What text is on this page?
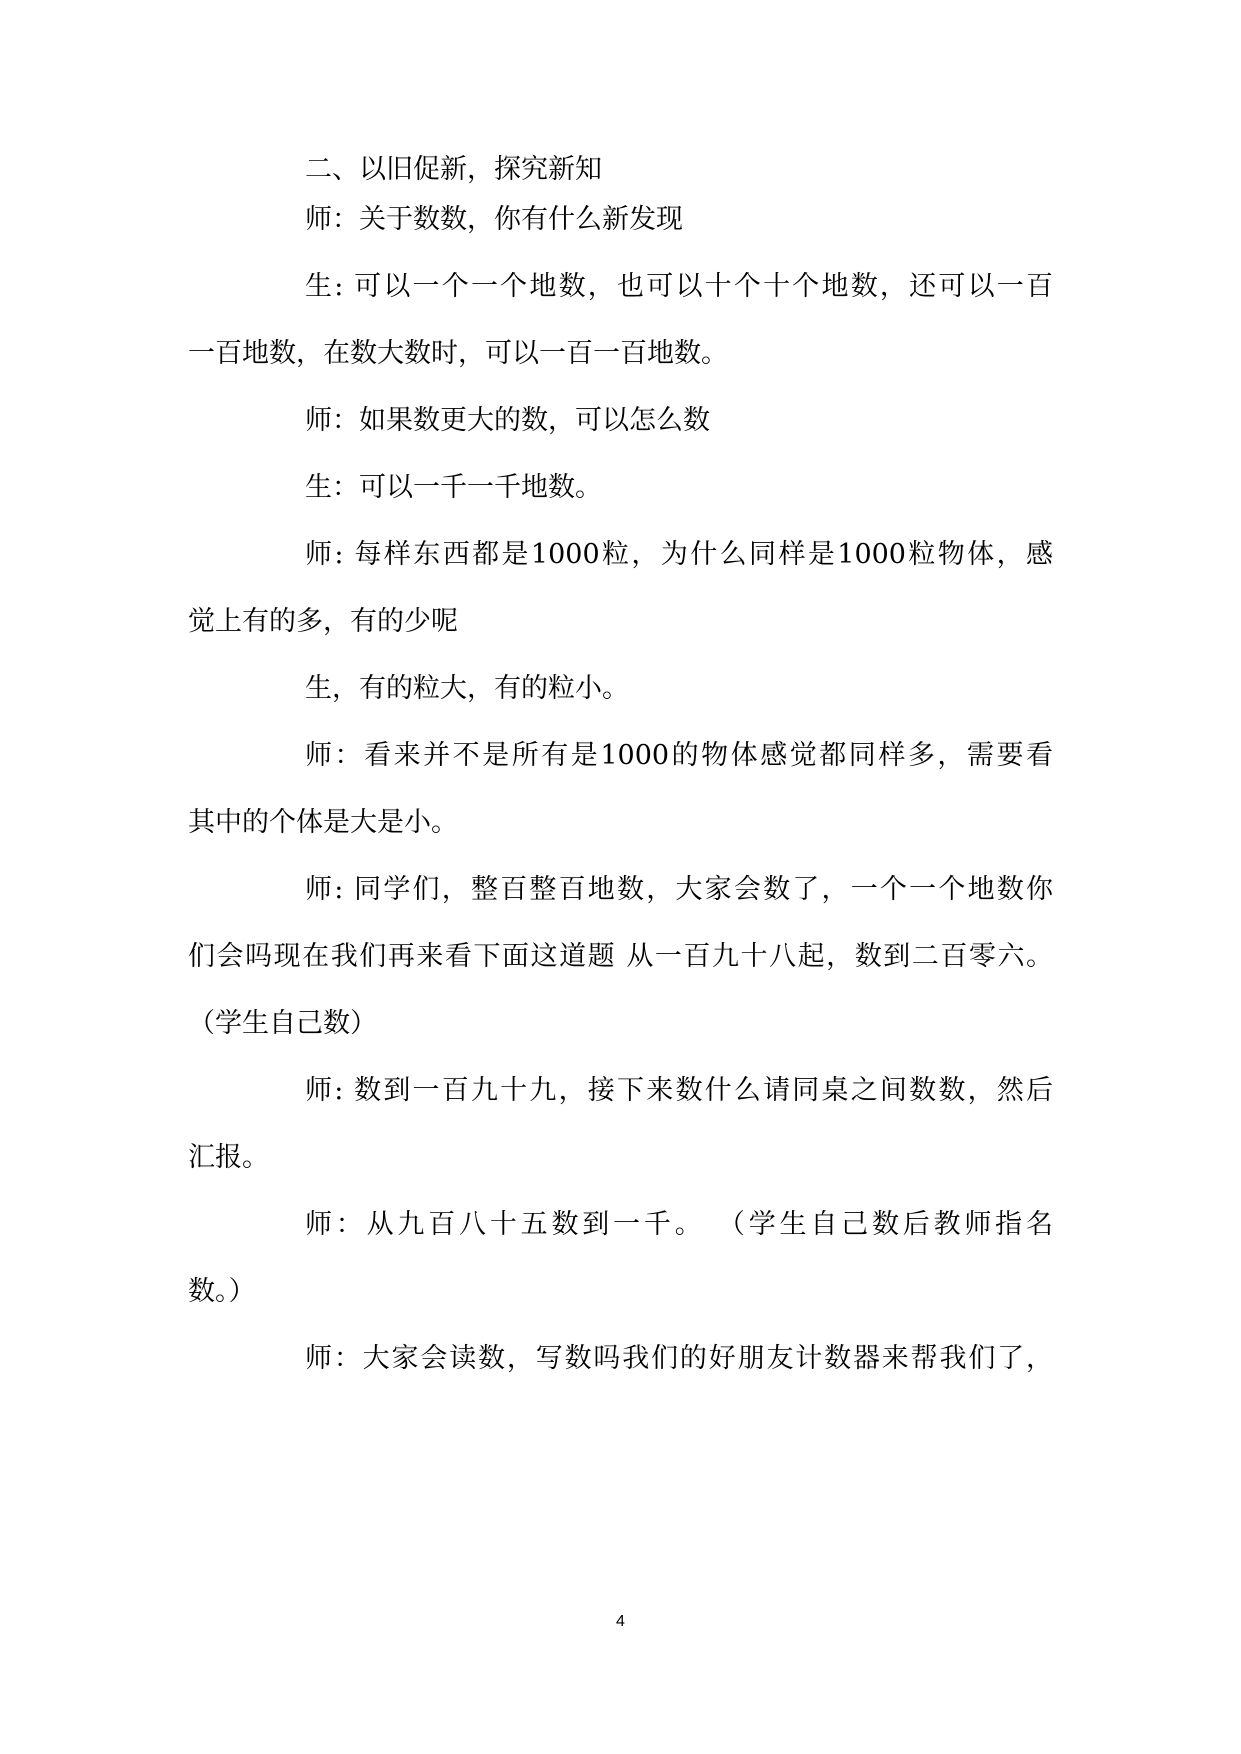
二、以旧促新，探究新知
师：关于数数，你有什么新发现
生: 可以一个一个地数，也可以十个十个地数，还可以一百
一百地数，在数大数时，可以一百一百地数。
师：如果数更大的数，可以怎么数
生：可以一千一千地数。
师: 每样东西都是1000粒，为什么同样是1000粒物体，感
觉上有的多，有的少呢
生，有的粒大，有的粒小。
师：看来并不是所有是1000的物体感觉都同样多，需要看
其中的个体是大是小。
师: 同学们，整百整百地数，大家会数了，一个一个地数你
们会吗现在我们再来看下面这道题 从一百九十八起，数到二百零六。
（学生自己数）
师: 数到一百九十九，接下来数什么请同桌之间数数，然后
汇报。
师：从九百八十五数到一千。 （学生自己数后教师指名
数。）
师：大家会读数，写数吗我们的好朋友计数器来帮我们了，
4
